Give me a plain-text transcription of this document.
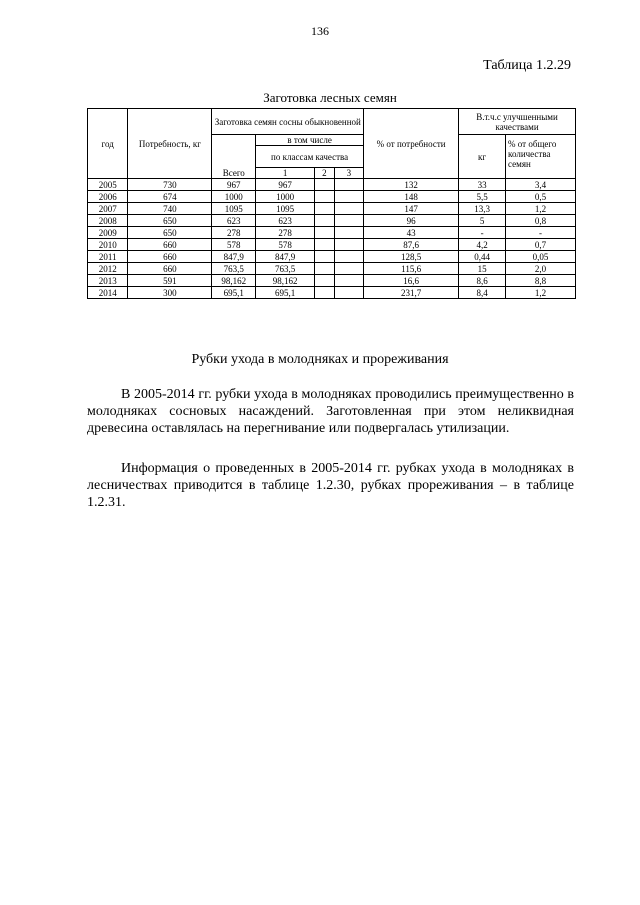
136
Таблица 1.2.29
Заготовка лесных семян
год	Потребность, кг	Заготовка семян сосны обыкновенной				% от потребности	В.т.ч.с улучшенными качествами	
		Всего	в том числе				кг	% от общего количества семян
			по классам качества					
			1	2	3			
2005	730	967	967			132	33	3,4
2006	674	1000	1000			148	5,5	0,5
2007	740	1095	1095			147	13,3	1,2
2008	650	623	623			96	5	0,8
2009	650	278	278			43	-	-
2010	660	578	578			87,6	4,2	0,7
2011	660	847,9	847,9			128,5	0,44	0,05
2012	660	763,5	763,5			115,6	15	2,0
2013	591	98,162	98,162			16,6	8,6	8,8
2014	300	695,1	695,1			231,7	8,4	1,2
Рубки ухода в молодняках и прореживания

В 2005-2014 гг. рубки ухода в молодняках проводились преимущественно в молодняках сосновых насаждений. Заготовленная при этом неликвидная древесина оставлялась на перегнивание или подвергалась утилизации.

Информация о проведенных в 2005-2014 гг. рубках ухода в молодняках в лесничествах приводится в таблице 1.2.30, рубках прореживания – в таблице 1.2.31.
